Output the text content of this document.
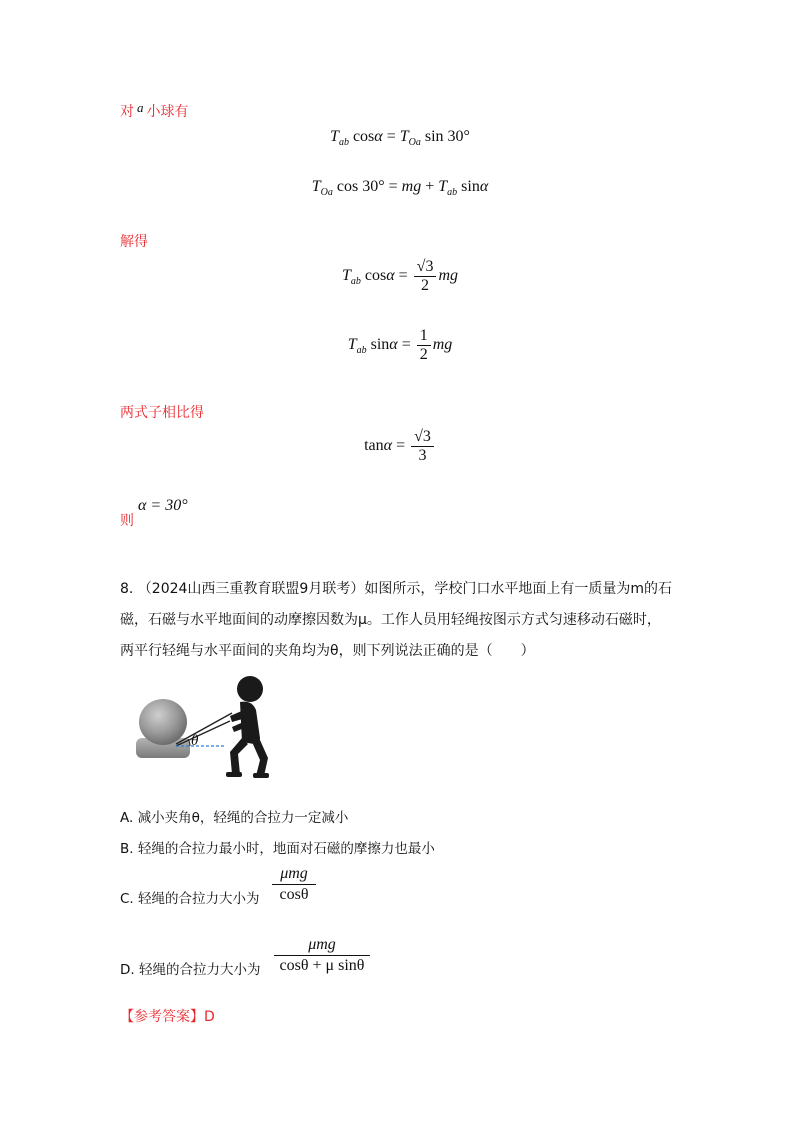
对 a 小球有
$T_{ab}$ $\cos\alpha = T_{Oa}$ sin 30°
$T_{Oa}$ cos 30° = mg + $T_{ab}$ sinα
解得
$T_{ab}$ $\cos\alpha = \frac{√3}{2}$ mg
$T_{ab}$ $\sin\alpha = \frac{1}{2}$ mg
两式子相比得
$\tan\alpha = \frac{√3}{3}$
则
α = 30°
8. （2024山西三重教育联盟9月联考）如图所示，学校门口水平地面上有一质量为m的石
磁，石磁与水平地面间的动摩擦因数为μ。工作人员用轻绳按图示方式匀速移动石磁时，
两平行轻绳与水平面间的夹角均为θ，则下列说法正确的是（　　）
θ
A. 减小夹角θ，轻绳的合拉力一定减小
B. 轻绳的合拉力最小时，地面对石磁的摩擦力也最小
C. 轻绳的合拉力大小为
μmg
cosθ
D. 轻绳的合拉力大小为
μmg
cosθ + μ sinθ
【参考答案】D
